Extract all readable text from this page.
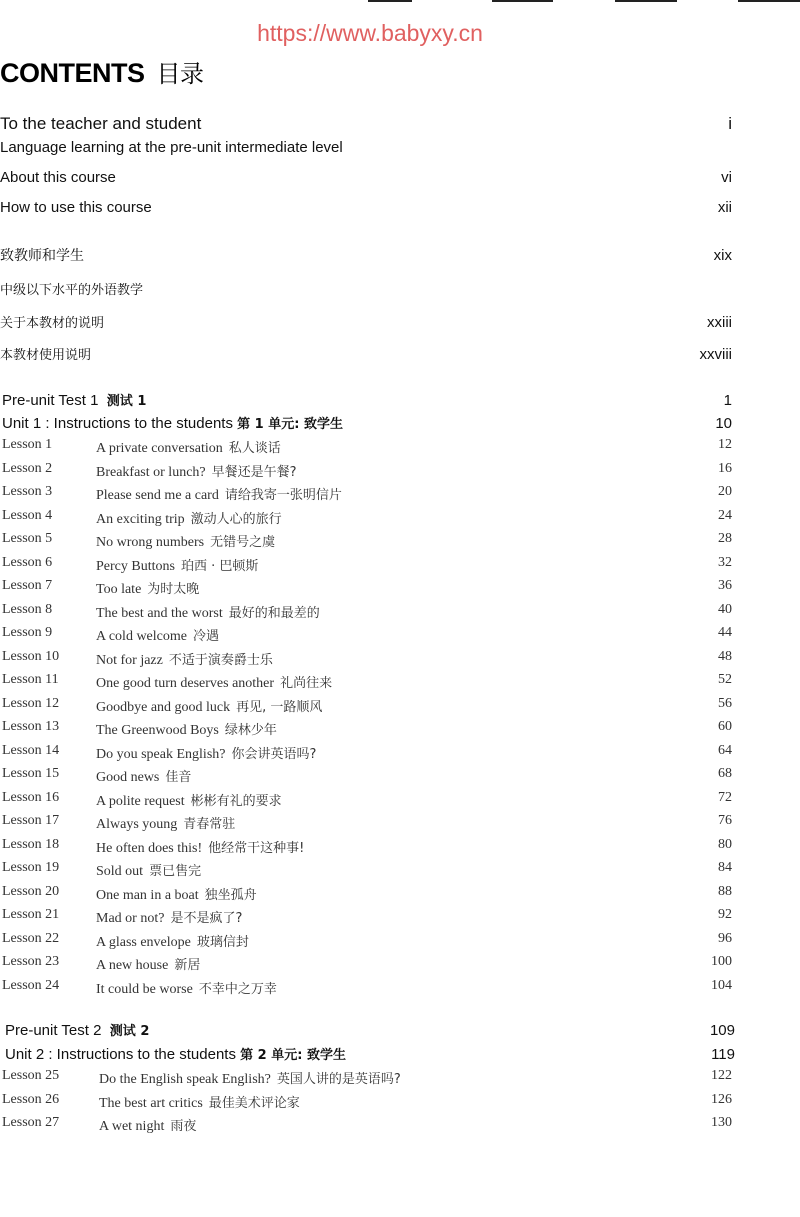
https://www.babyxy.cn
CONTENTS 目录
To the teacher and student	i
Language learning at the pre-unit intermediate level
About this course	vi
How to use this course	xii
致教师和学生	xix
中级以下水平的外语教学
关于本教材的说明	xxiii
本教材使用说明	xxviii
Pre-unit Test 1 测试 1	1
Unit 1 : Instructions to the students 第 1 单元: 致学生	10
Lesson 1	A private conversation 私人谈话	12
Lesson 2	Breakfast or lunch? 早餐还是午餐?	16
Lesson 3	Please send me a card 请给我寄一张明信片	20
Lesson 4	An exciting trip 激动人心的旅行	24
Lesson 5	No wrong numbers 无错号之虞	28
Lesson 6	Percy Buttons 珀西 · 巴顿斯	32
Lesson 7	Too late 为时太晚	36
Lesson 8	The best and the worst 最好的和最差的	40
Lesson 9	A cold welcome 冷遇	44
Lesson 10	Not for jazz 不适于演奏爵士乐	48
Lesson 11	One good turn deserves another 礼尚往来	52
Lesson 12	Goodbye and good luck 再见, 一路顺风	56
Lesson 13	The Greenwood Boys 绿林少年	60
Lesson 14	Do you speak English? 你会讲英语吗?	64
Lesson 15	Good news 佳音	68
Lesson 16	A polite request 彬彬有礼的要求	72
Lesson 17	Always young 青春常驻	76
Lesson 18	He often does this! 他经常干这种事!	80
Lesson 19	Sold out 票已售完	84
Lesson 20	One man in a boat 独坐孤舟	88
Lesson 21	Mad or not? 是不是疯了?	92
Lesson 22	A glass envelope 玻璃信封	96
Lesson 23	A new house 新居	100
Lesson 24	It could be worse 不幸中之万幸	104
Pre-unit Test 2 测试 2	109
Unit 2 : Instructions to the students 第 2 单元: 致学生	119
Lesson 25	Do the English speak English? 英国人讲的是英语吗?	122
Lesson 26	The best art critics 最佳美术评论家	126
Lesson 27	A wet night 雨夜	130
